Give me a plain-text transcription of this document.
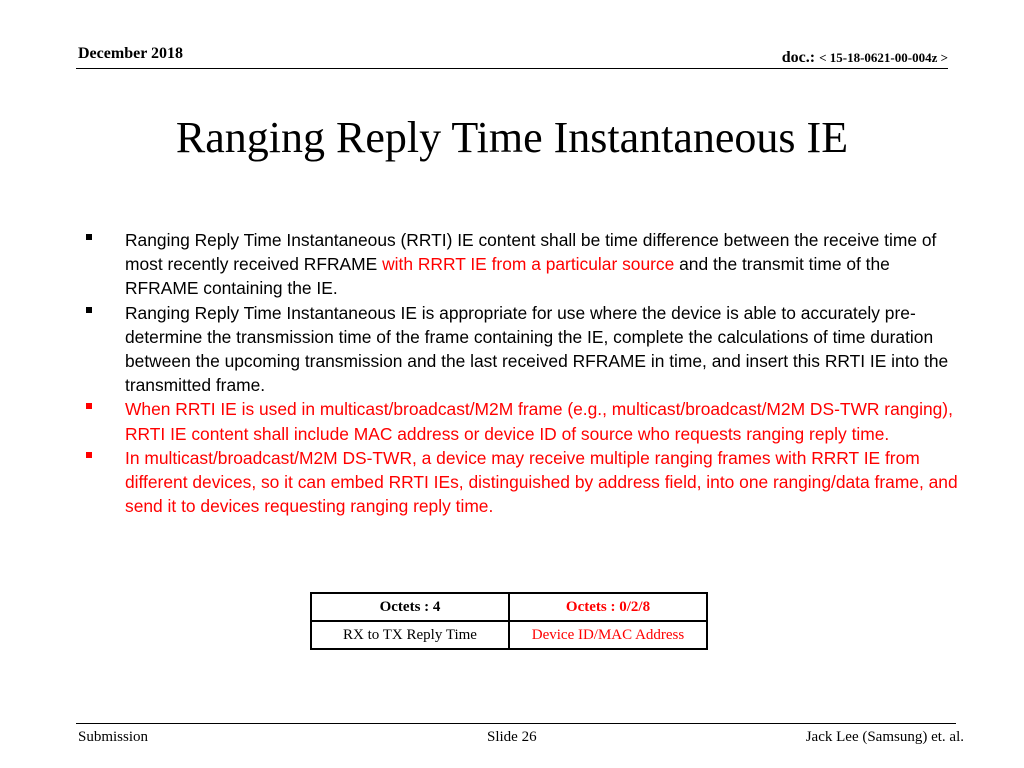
December 2018	doc.: < 15-18-0621-00-004z >
Ranging Reply Time Instantaneous IE
Ranging Reply Time Instantaneous (RRTI) IE content shall be time difference between the receive time of most recently received RFRAME with RRRT IE from a particular source and the transmit time of the RFRAME containing the IE.
Ranging Reply Time Instantaneous IE is appropriate for use where the device is able to accurately pre-determine the transmission time of the frame containing the IE, complete the calculations of time duration between the upcoming transmission and the last received RFRAME in time, and insert this RRTI IE into the transmitted frame.
When RRTI IE is used in multicast/broadcast/M2M frame (e.g., multicast/broadcast/M2M DS-TWR ranging), RRTI IE content shall include MAC address or device ID of source who requests ranging reply time.
In multicast/broadcast/M2M DS-TWR, a device may receive multiple ranging frames with RRRT IE from different devices, so it can embed RRTI IEs, distinguished by address field, into one ranging/data frame, and send it to devices requesting ranging reply time.
Octets : 4	Octets : 0/2/8
RX to TX Reply Time	Device ID/MAC Address
Submission	Slide 26	Jack Lee (Samsung) et. al.
